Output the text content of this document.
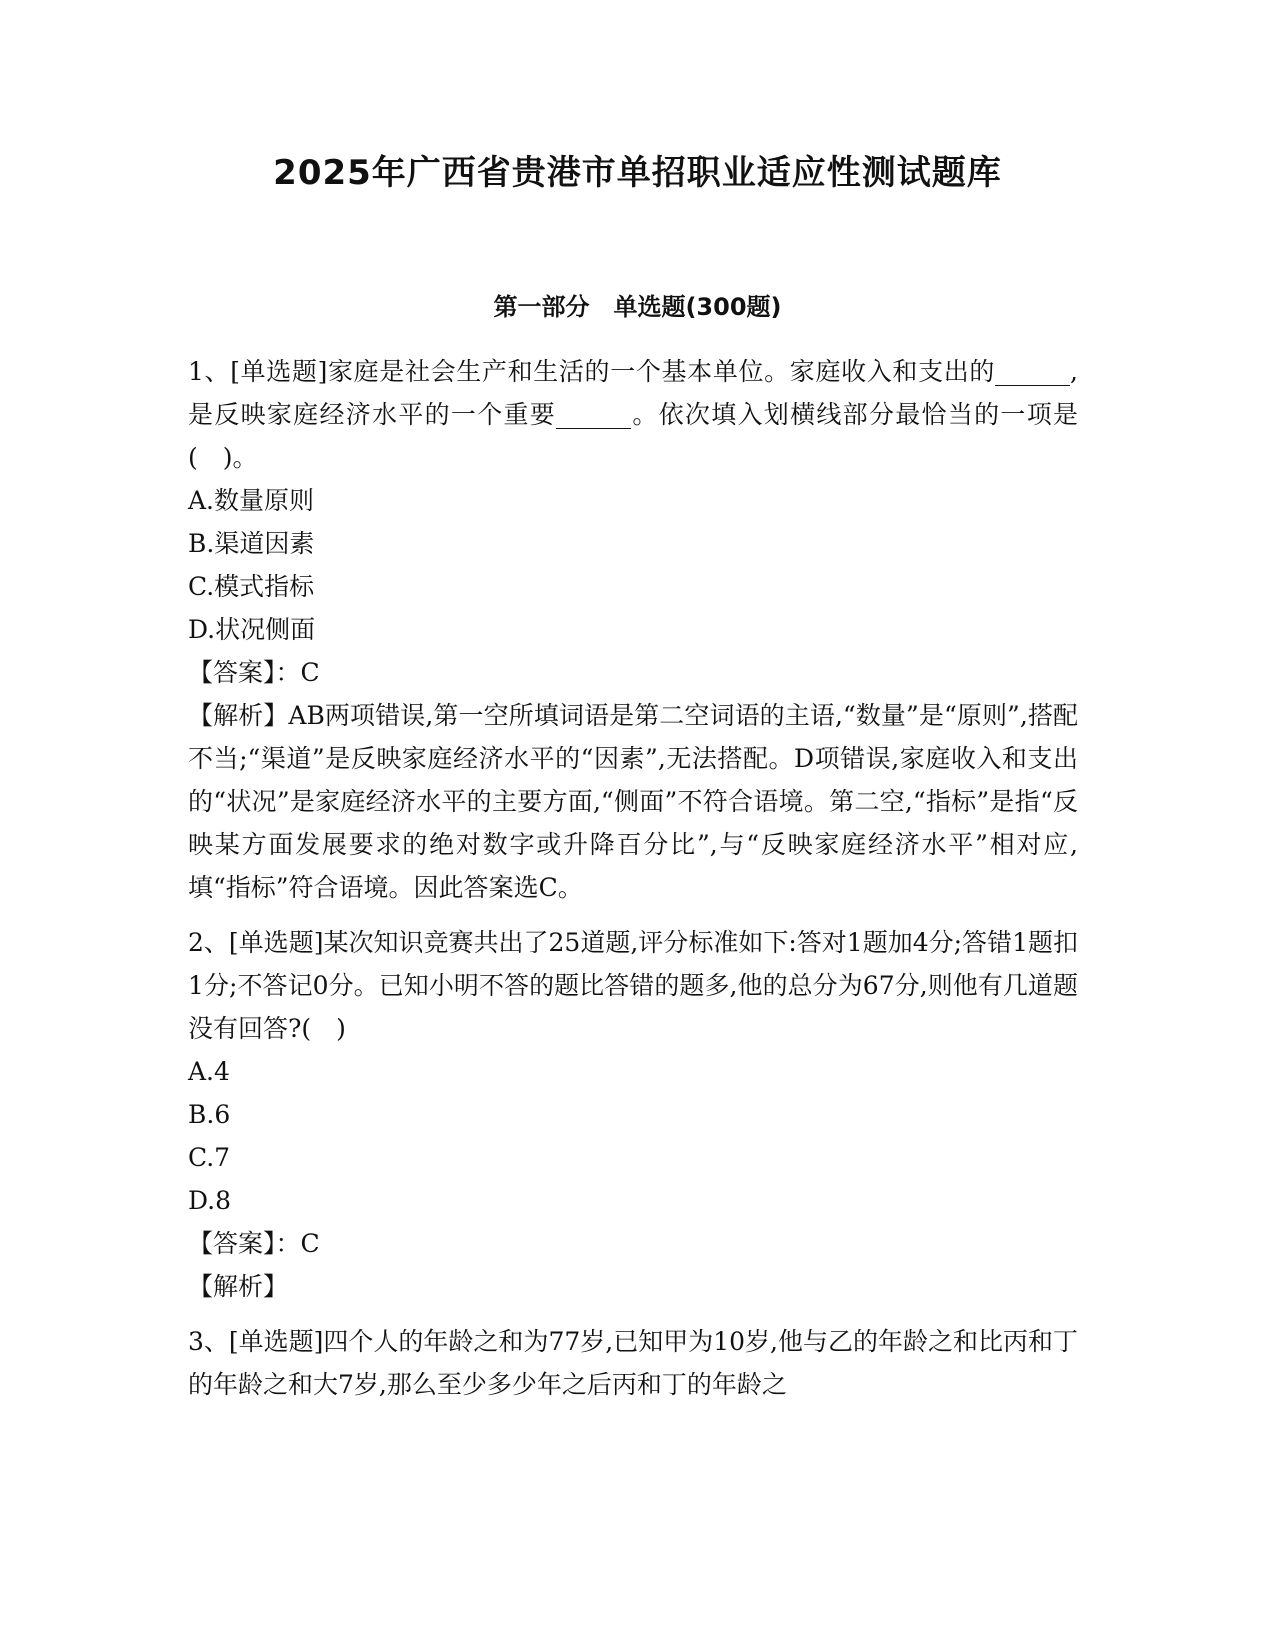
2025年广西省贵港市单招职业适应性测试题库
第一部分　单选题(300题)

1、[单选题]家庭是社会生产和生活的一个基本单位。家庭收入和支出的______,是反映家庭经济水平的一个重要______。依次填入划横线部分最恰当的一项是(　)。

A.数量原则
B.渠道因素
C.模式指标
D.状况侧面

【答案】：C

【解析】AB两项错误,第一空所填词语是第二空词语的主语,“数量”是“原则”,搭配不当;“渠道”是反映家庭经济水平的“因素”,无法搭配。D项错误,家庭收入和支出的“状况”是家庭经济水平的主要方面,“侧面”不符合语境。第二空,“指标”是指“反映某方面发展要求的绝对数字或升降百分比”,与“反映家庭经济水平”相对应,填“指标”符合语境。因此答案选C。

2、[单选题]某次知识竞赛共出了25道题,评分标准如下:答对1题加4分;答错1题扣1分;不答记0分。已知小明不答的题比答错的题多,他的总分为67分,则他有几道题没有回答?(　)

A.4
B.6
C.7
D.8

【答案】：C

【解析】

3、[单选题]四个人的年龄之和为77岁,已知甲为10岁,他与乙的年龄之和比丙和丁的年龄之和大7岁,那么至少多少年之后丙和丁的年龄之
